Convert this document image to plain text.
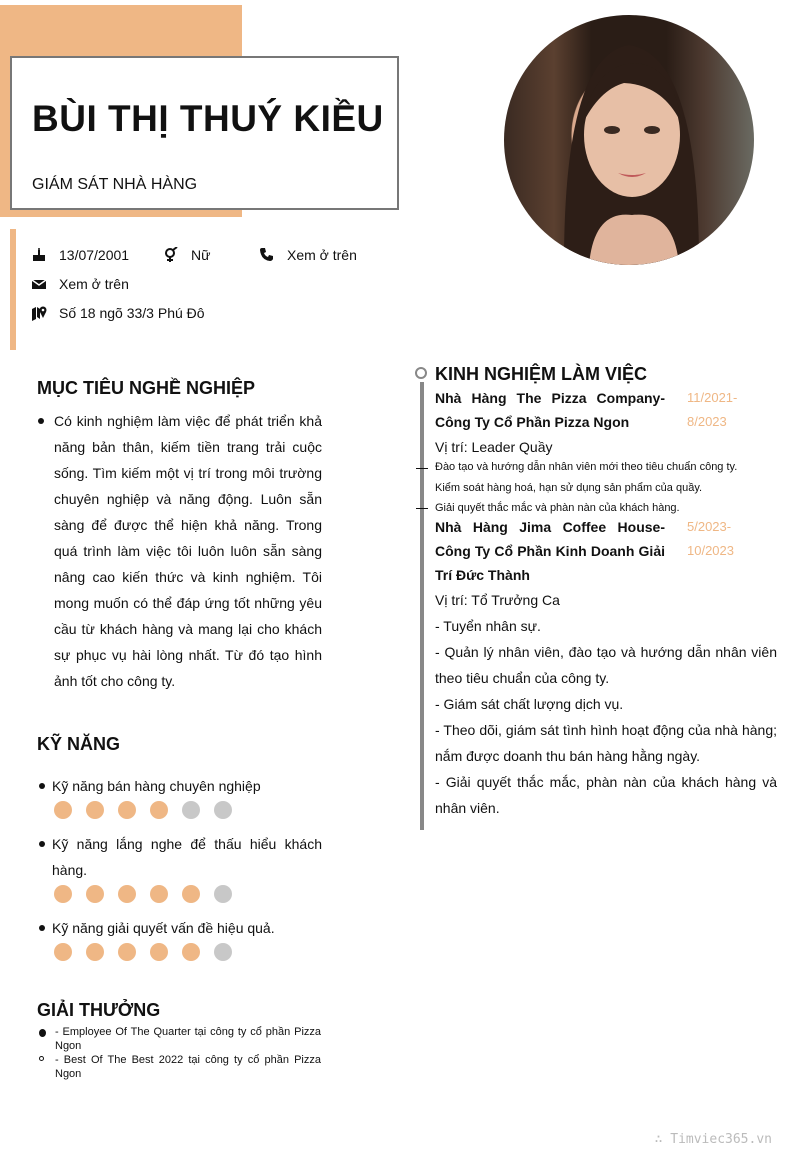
BÙI THỊ THUÝ KIỀU
GIÁM SÁT NHÀ HÀNG
13/07/2001	Nữ	Xem ở trên
Xem ở trên
Số 18 ngõ 33/3 Phú Đô
MỤC TIÊU NGHỀ NGHIỆP
Có kinh nghiệm làm việc để phát triển khả năng bản thân, kiếm tiền trang trải cuộc sống. Tìm kiếm một vị trí trong môi trường chuyên nghiệp và năng động. Luôn sẵn sàng để được thể hiện khả năng. Trong quá trình làm việc tôi luôn luôn sẵn sàng nâng cao kiến thức và kinh nghiệm. Tôi mong muốn có thể đáp ứng tốt những yêu cầu từ khách hàng và mang lại cho khách sự phục vụ hài lòng nhất. Từ đó tạo hình ảnh tốt cho công ty.
KỸ NĂNG
Kỹ năng bán hàng chuyên nghiệp
Kỹ năng lắng nghe để thấu hiểu khách hàng.
Kỹ năng giải quyết vấn đề hiệu quả.
GIẢI THƯỞNG
- Employee Of The Quarter tại công ty cổ phần Pizza Ngon
- Best Of The Best 2022 tại công ty cổ phần Pizza Ngon
KINH NGHIỆM LÀM VIỆC
Nhà Hàng The Pizza Company- Công Ty Cổ Phần Pizza Ngon
11/2021-
8/2023
Vị trí: Leader Quầy
Đào tạo và hướng dẫn nhân viên mới theo tiêu chuẩn công ty.
Kiểm soát hàng hoá, hạn sử dụng sản phẩm của quầy.
Giải quyết thắc mắc và phàn nàn của khách hàng.
Nhà Hàng Jima Coffee House- Công Ty Cổ Phần Kinh Doanh Giải Trí Đức Thành
5/2023-
10/2023
Vị trí: Tổ Trưởng Ca
- Tuyển nhân sự.
- Quản lý nhân viên, đào tạo và hướng dẫn nhân viên theo tiêu chuẩn của công ty.
- Giám sát chất lượng dịch vụ.
- Theo dõi, giám sát tình hình hoạt động của nhà hàng; nắm được doanh thu bán hàng hằng ngày.
- Giải quyết thắc mắc, phàn nàn của khách hàng và nhân viên.
∴ Timviec365.vn
